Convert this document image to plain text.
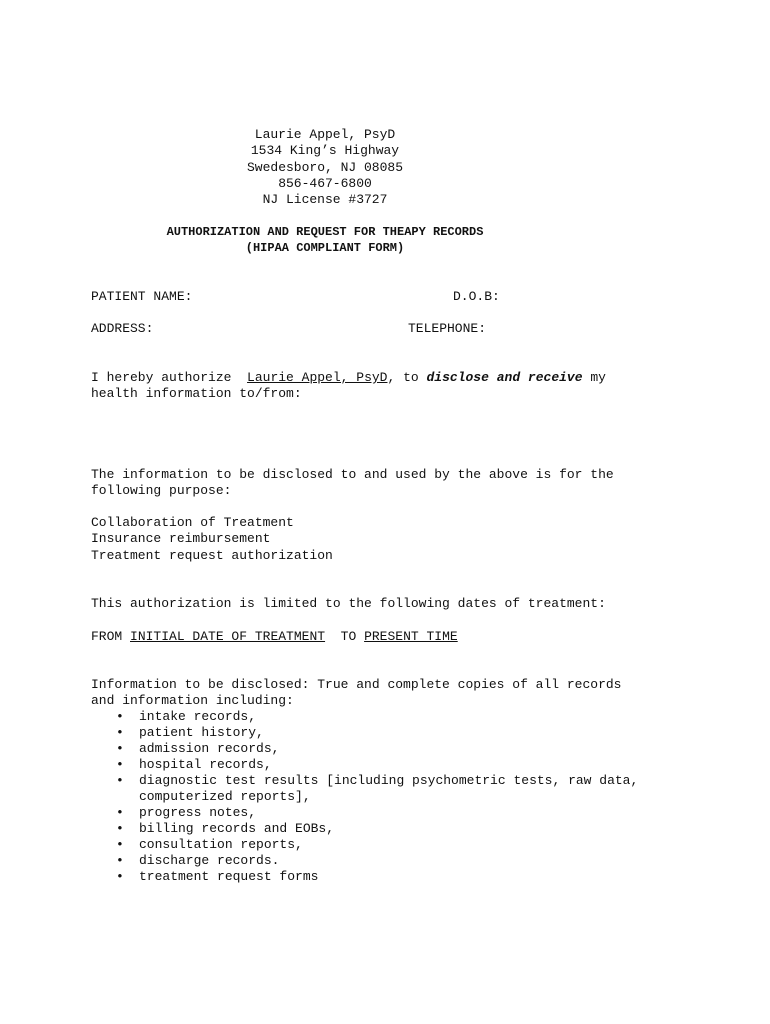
Laurie Appel, PsyD
1534 King’s Highway
Swedesboro, NJ 08085
856-467-6800
NJ License #3727
AUTHORIZATION AND REQUEST FOR THEAPY RECORDS
(HIPAA COMPLIANT FORM)
PATIENT NAME:	D.O.B:
ADDRESS:	TELEPHONE:
I hereby authorize  Laurie Appel, PsyD, to disclose and receive my
health information to/from:
The information to be disclosed to and used by the above is for the
following purpose:
Collaboration of Treatment
Insurance reimbursement
Treatment request authorization
This authorization is limited to the following dates of treatment:
FROM INITIAL DATE OF TREATMENT TO PRESENT TIME
Information to be disclosed: True and complete copies of all records
and information including:
• intake records,
• patient history,
• admission records,
• hospital records,
• diagnostic test results [including psychometric tests, raw data, computerized reports],
• progress notes,
• billing records and EOBs,
• consultation reports,
• discharge records.
• treatment request forms
